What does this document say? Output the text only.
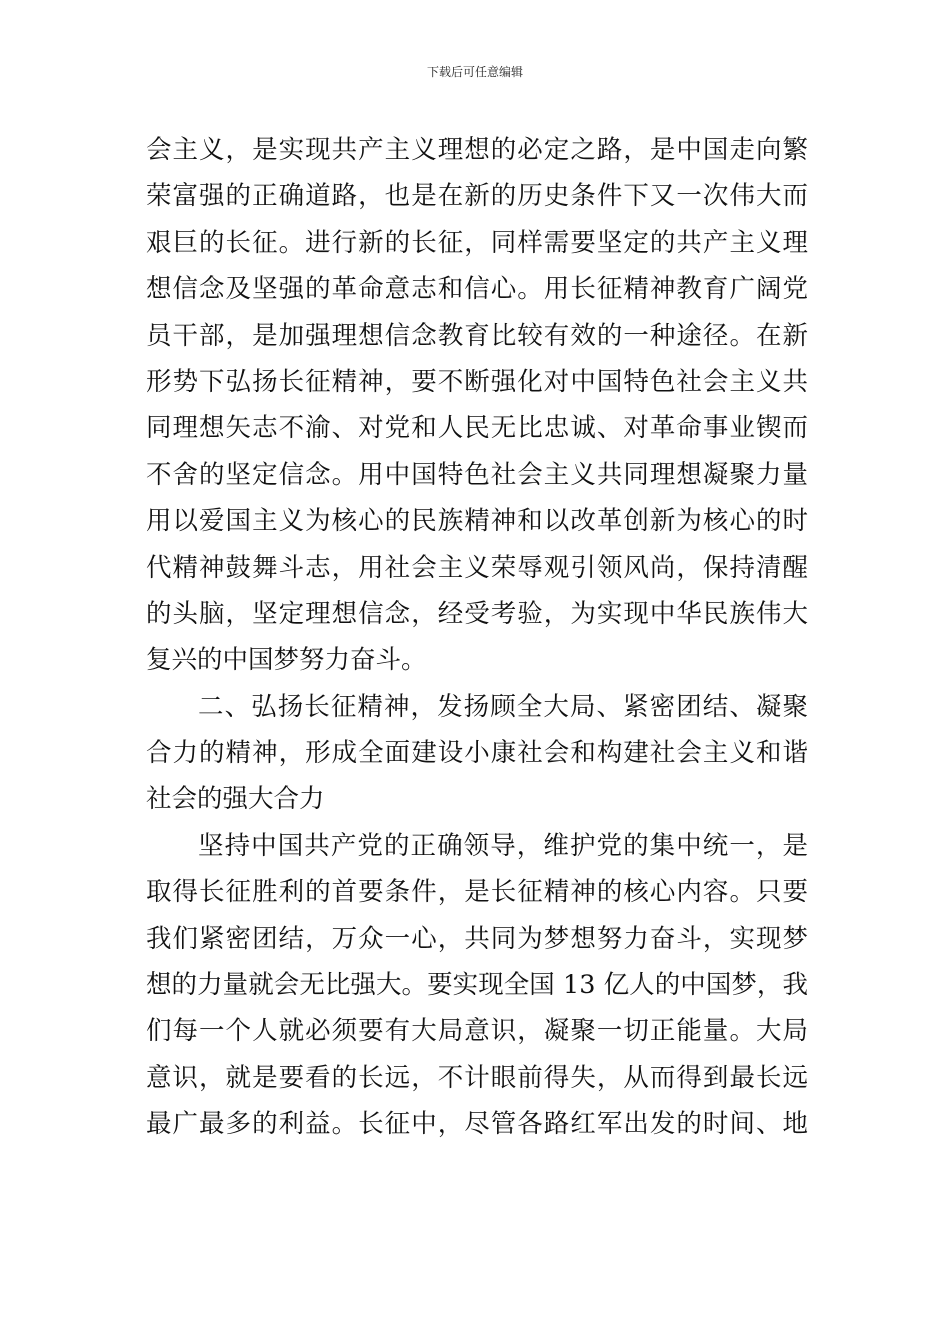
下载后可任意编辑
会主义，是实现共产主义理想的必定之路，是中国走向繁
荣富强的正确道路，也是在新的历史条件下又一次伟大而
艰巨的长征。进行新的长征，同样需要坚定的共产主义理
想信念及坚强的革命意志和信心。用长征精神教育广阔党
员干部，是加强理想信念教育比较有效的一种途径。在新
形势下弘扬长征精神，要不断强化对中国特色社会主义共
同理想矢志不渝、对党和人民无比忠诚、对革命事业锲而
不舍的坚定信念。用中国特色社会主义共同理想凝聚力量
用以爱国主义为核心的民族精神和以改革创新为核心的时
代精神鼓舞斗志，用社会主义荣辱观引领风尚，保持清醒
的头脑，坚定理想信念，经受考验，为实现中华民族伟大
复兴的中国梦努力奋斗。
二、弘扬长征精神，发扬顾全大局、紧密团结、凝聚
合力的精神，形成全面建设小康社会和构建社会主义和谐
社会的强大合力
坚持中国共产党的正确领导，维护党的集中统一，是
取得长征胜利的首要条件，是长征精神的核心内容。只要
我们紧密团结，万众一心，共同为梦想努力奋斗，实现梦
想的力量就会无比强大。要实现全国 13 亿人的中国梦，我
们每一个人就必须要有大局意识，凝聚一切正能量。大局
意识，就是要看的长远，不计眼前得失，从而得到最长远
最广最多的利益。长征中，尽管各路红军出发的时间、地
